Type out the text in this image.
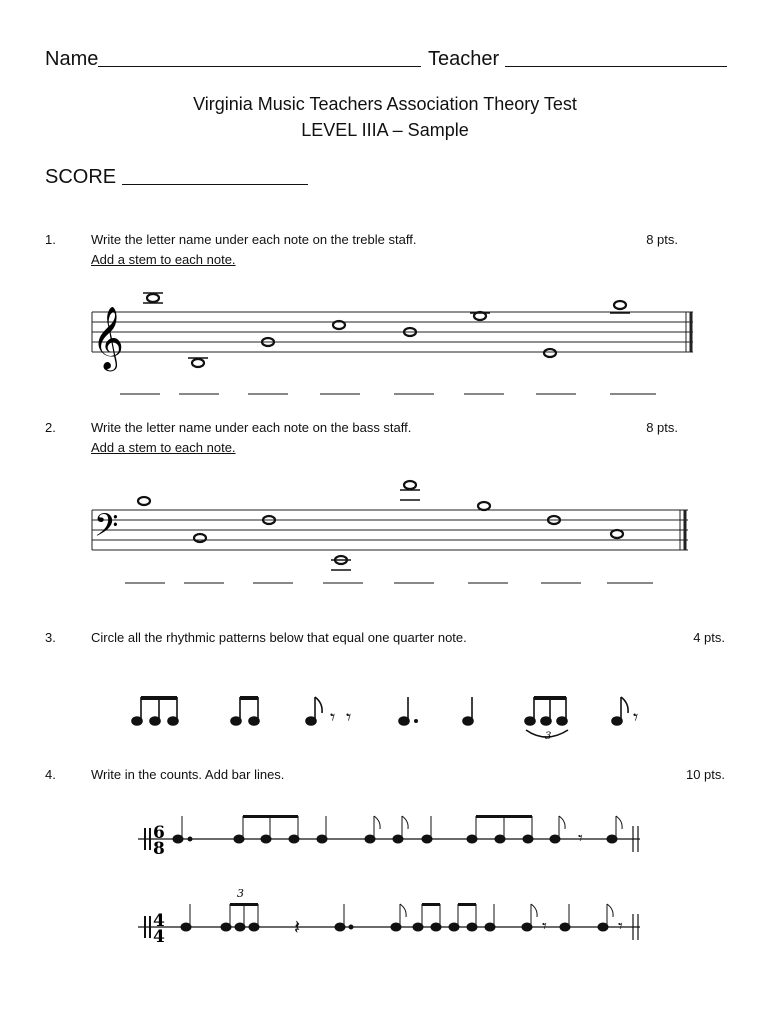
Name	Teacher
Virginia Music Teachers Association Theory Test
LEVEL IIIA – Sample
SCORE
1.	Write the letter name under each note on the treble staff.
Add a stem to each note.
8 pts.
𝄞
2.	Write the letter name under each note on the bass staff.
Add a stem to each note.
8 pts.
𝄢
3.	Circle all the rhythmic patterns below that equal one quarter note.	4 pts.
𝄾 𝄾	𝄾
3
4.	Write in the counts. Add bar lines.	10 pts.
𝄾
6
8
𝄽	𝄾	𝄾
3
4
4
